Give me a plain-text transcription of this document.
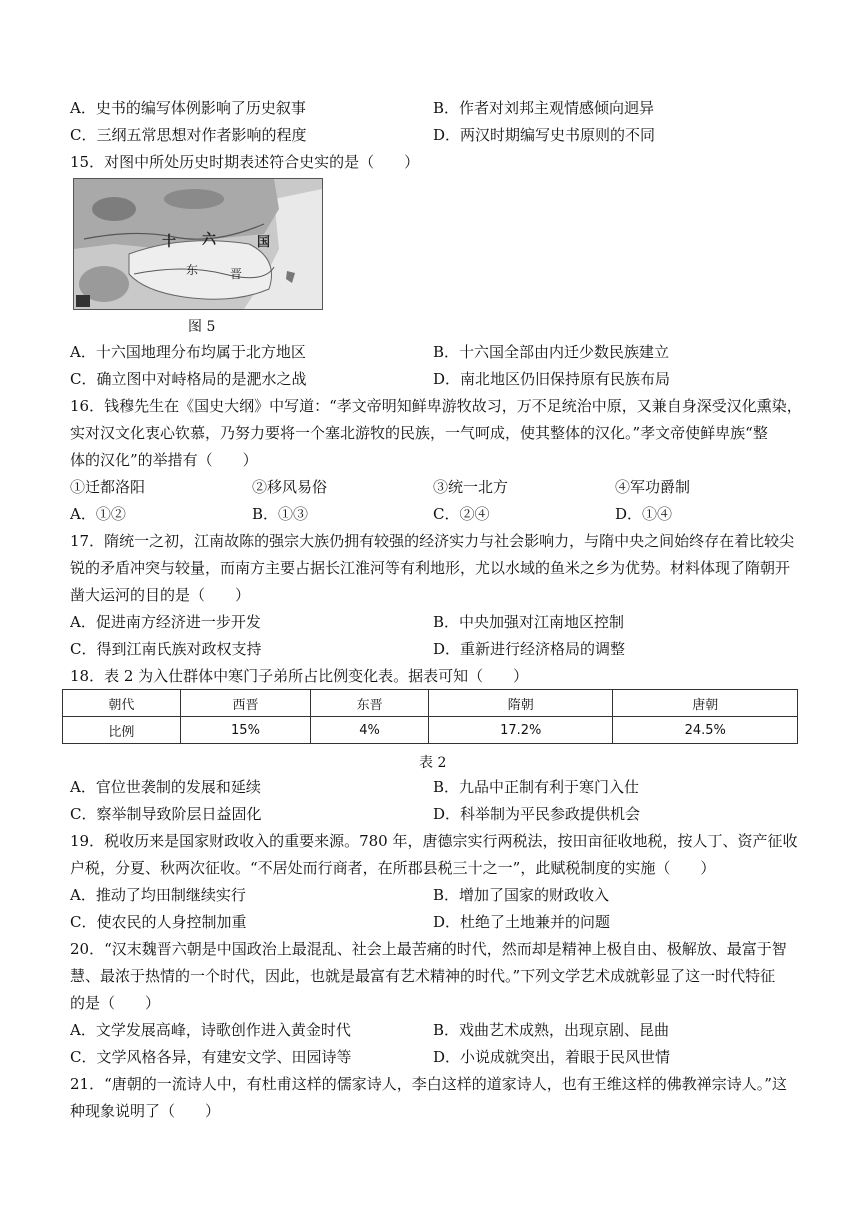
A．史书的编写体例影响了历史叙事	B．作者对刘邦主观情感倾向迥异
C．三纲五常思想对作者影响的程度	D．两汉时期编写史书原则的不同
15．对图中所处历史时期表述符合史实的是（　　）
十 六	国
东	晋
图 5
A．十六国地理分布均属于北方地区	B．十六国全部由内迁少数民族建立
C．确立图中对峙格局的是淝水之战	D．南北地区仍旧保持原有民族布局
16．钱穆先生在《国史大纲》中写道：“孝文帝明知鲜卑游牧故习，万不足统治中原，又兼自身深受汉化熏染，
实对汉文化衷心钦慕，乃努力要将一个塞北游牧的民族，一气呵成，使其整体的汉化。”孝文帝使鲜卑族“整
体的汉化”的举措有（　　）
①迁都洛阳	②移风易俗	③统一北方	④军功爵制
A．①②	B．①③	C．②④	D．①④
17．隋统一之初，江南故陈的强宗大族仍拥有较强的经济实力与社会影响力，与隋中央之间始终存在着比较尖
锐的矛盾冲突与较量，而南方主要占据长江淮河等有利地形，尤以水域的鱼米之乡为优势。材料体现了隋朝开
凿大运河的目的是（　　）
A．促进南方经济进一步开发	B．中央加强对江南地区控制
C．得到江南氏族对政权支持	D．重新进行经济格局的调整
18．表 2 为入仕群体中寒门子弟所占比例变化表。据表可知（　　）
朝代	西晋	东晋	隋朝	唐朝
比例	15%	4%	17.2%	24.5%
表 2
A．官位世袭制的发展和延续	B．九品中正制有利于寒门入仕
C．察举制导致阶层日益固化	D．科举制为平民参政提供机会
19．税收历来是国家财政收入的重要来源。780 年，唐德宗实行两税法，按田亩征收地税，按人丁、资产征收
户税，分夏、秋两次征收。“不居处而行商者，在所郡县税三十之一”，此赋税制度的实施（　　）
A．推动了均田制继续实行	B．增加了国家的财政收入
C．使农民的人身控制加重	D．杜绝了土地兼并的问题
20．“汉末魏晋六朝是中国政治上最混乱、社会上最苦痛的时代，然而却是精神上极自由、极解放、最富于智
慧、最浓于热情的一个时代，因此，也就是最富有艺术精神的时代。”下列文学艺术成就彰显了这一时代特征
的是（　　）
A．文学发展高峰，诗歌创作进入黄金时代	B．戏曲艺术成熟，出现京剧、昆曲
C．文学风格各异，有建安文学、田园诗等	D．小说成就突出，着眼于民风世情
21．“唐朝的一流诗人中，有杜甫这样的儒家诗人，李白这样的道家诗人，也有王维这样的佛教禅宗诗人。”这
种现象说明了（　　）
